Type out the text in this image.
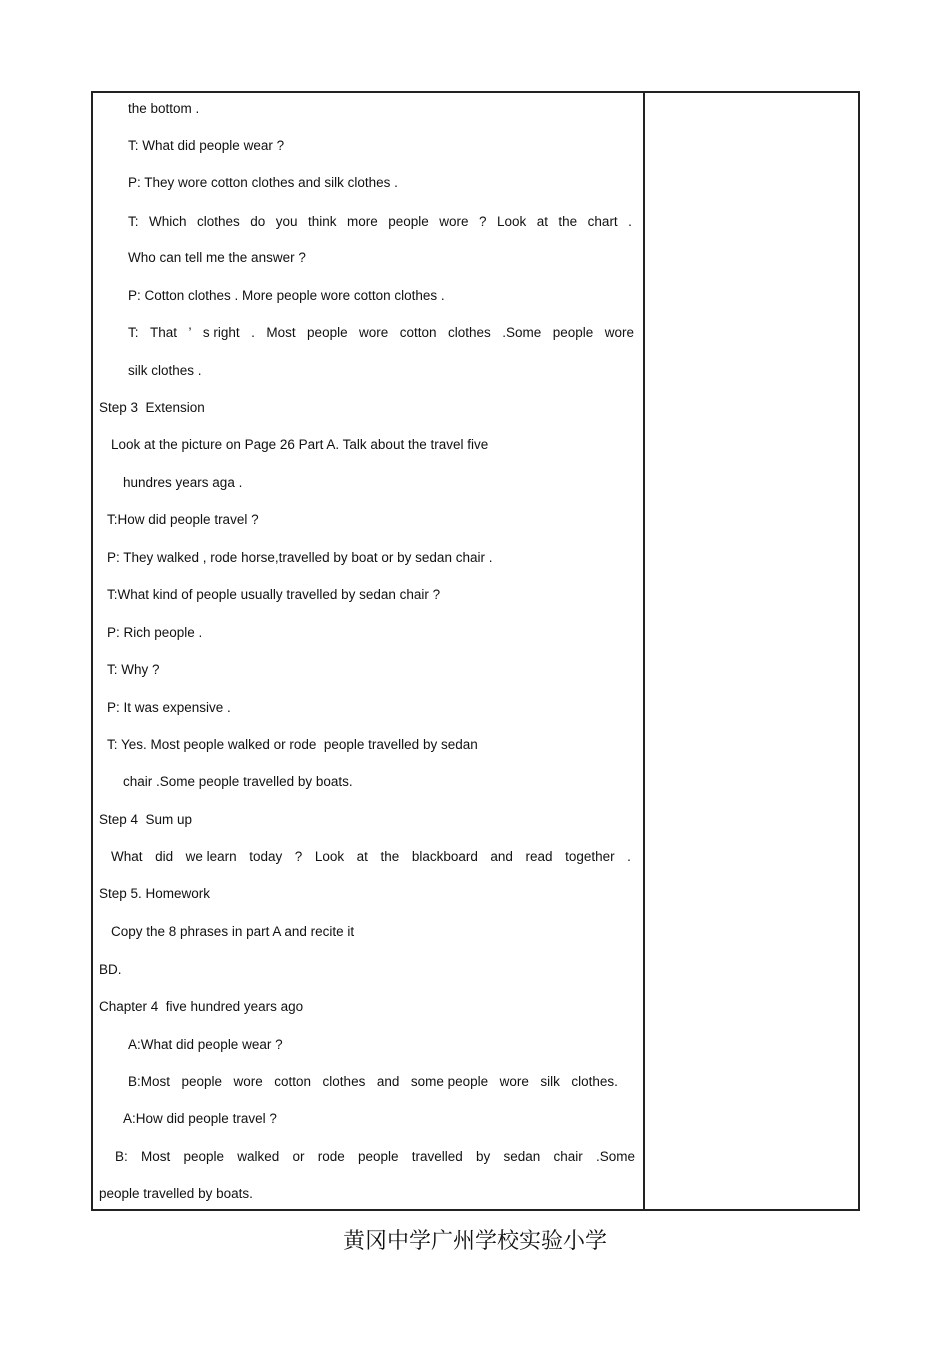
the bottom .
T: What did people wear ?
P: They wore cotton clothes and silk clothes .
T: Which clothes do you think more people wore ? Look at the chart .
Who can tell me the answer ?
P: Cotton clothes . More people wore cotton clothes .
T: That ’ s right . Most people wore cotton clothes .Some people wore
silk clothes .
Step 3  Extension
Look at the picture on Page 26 Part A. Talk about the travel five
hundres years aga .
T:How did people travel ?
P: They walked , rode horse,travelled by boat or by sedan chair .
T:What kind of people usually travelled by sedan chair ?
P: Rich people .
T: Why ?
P: It was expensive .
T: Yes. Most people walked or rode  people travelled by sedan
chair .Some people travelled by boats.
Step 4  Sum up
What did we learn today ? Look at the blackboard and read together .
Step 5. Homework
Copy the 8 phrases in part A and recite it
BD.
Chapter 4  five hundred years ago
A:What did people wear ?
B:Most people wore cotton clothes and some people wore silk clothes.
A:How did people travel ?
B: Most people walked or rode people travelled by sedan chair .Some
people travelled by boats.
黄冈中学广州学校实验小学
